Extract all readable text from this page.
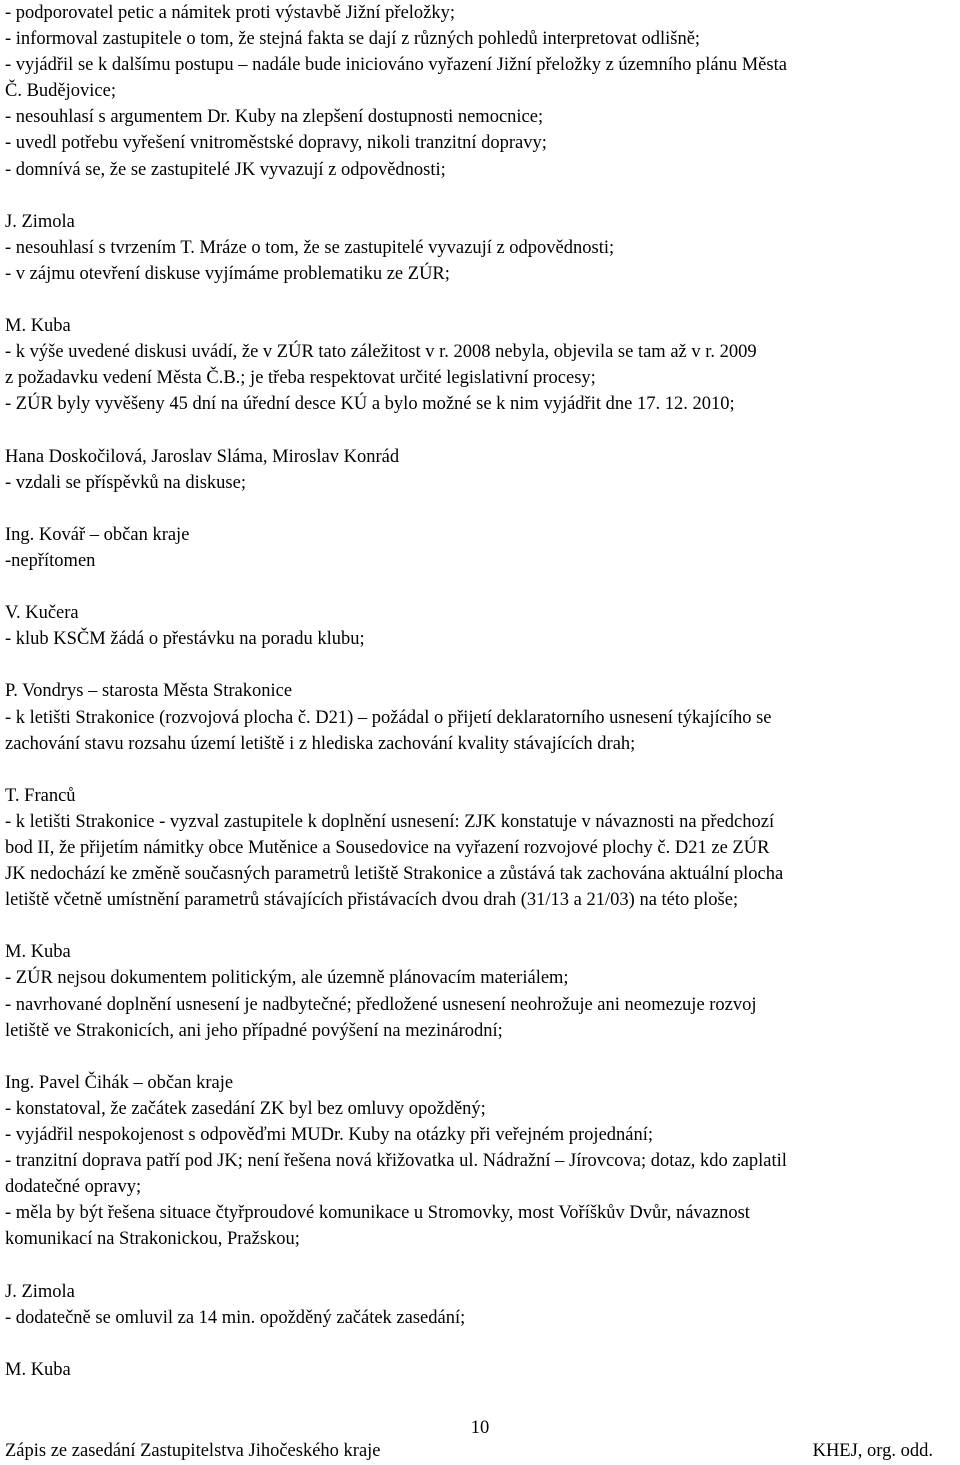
- podporovatel petic a námitek proti výstavbě Jižní přeložky;
- informoval zastupitele o tom, že stejná fakta se dají z různých pohledů interpretovat odlišně;
- vyjádřil se k dalšímu postupu – nadále bude iniciováno vyřazení Jižní přeložky z územního plánu Města
Č. Budějovice;
- nesouhlasí s argumentem Dr. Kuby na zlepšení dostupnosti nemocnice;
- uvedl potřebu vyřešení vnitroměstské dopravy, nikoli tranzitní dopravy;
- domnívá se, že se zastupitelé JK vyvazují z odpovědnosti;
J. Zimola
- nesouhlasí s tvrzením T. Mráze o tom, že se zastupitelé vyvazují z odpovědnosti;
- v zájmu otevření diskuse vyjímáme problematiku ze ZÚR;
M. Kuba
- k výše uvedené diskusi uvádí, že v ZÚR tato záležitost v r. 2008 nebyla, objevila se tam až v r. 2009
z požadavku vedení Města Č.B.; je třeba respektovat určité legislativní procesy;
- ZÚR byly vyvěšeny 45 dní na úřední desce KÚ a bylo možné se k nim vyjádřit dne 17. 12. 2010;
Hana Doskočilová, Jaroslav Sláma, Miroslav Konrád
- vzdali se příspěvků na diskuse;
Ing. Kovář – občan kraje
-nepřítomen
V. Kučera
- klub KSČM žádá o přestávku na poradu klubu;
P. Vondrys – starosta Města Strakonice
- k letišti Strakonice (rozvojová plocha č. D21) – požádal o přijetí deklaratorního usnesení týkajícího se
zachování stavu rozsahu území letiště i z hlediska zachování kvality stávajících drah;
T. Franců
- k letišti Strakonice - vyzval zastupitele k doplnění usnesení: ZJK konstatuje v návaznosti na předchozí
bod II, že přijetím námitky obce Mutěnice a Sousedovice na vyřazení rozvojové plochy č. D21 ze ZÚR
JK nedochází ke změně současných parametrů letiště Strakonice a zůstává tak zachována aktuální plocha
letiště včetně umístnění parametrů stávajících přistávacích dvou drah (31/13 a 21/03) na této ploše;
M. Kuba
- ZÚR nejsou dokumentem politickým, ale územně plánovacím materiálem;
- navrhované doplnění usnesení je nadbytečné; předložené usnesení neohrožuje ani neomezuje rozvoj
letiště ve Strakonicích, ani jeho případné povýšení na mezinárodní;
Ing. Pavel Čihák – občan kraje
- konstatoval, že začátek zasedání ZK byl bez omluvy opožděný;
- vyjádřil nespokojenost s odpověďmi MUDr. Kuby na otázky při veřejném projednání;
- tranzitní doprava patří pod JK; není řešena nová křižovatka ul. Nádražní – Jírovcova; dotaz, kdo zaplatil
dodatečné opravy;
- měla by být řešena situace čtyřproudové komunikace u Stromovky, most Voříškův Dvůr, návaznost
komunikací na Strakonickou, Pražskou;
J. Zimola
- dodatečně se omluvil za 14 min. opožděný začátek zasedání;
M. Kuba
10
Zápis ze zasedání Zastupitelstva Jihočeského kraje	KHEJ, org. odd.
